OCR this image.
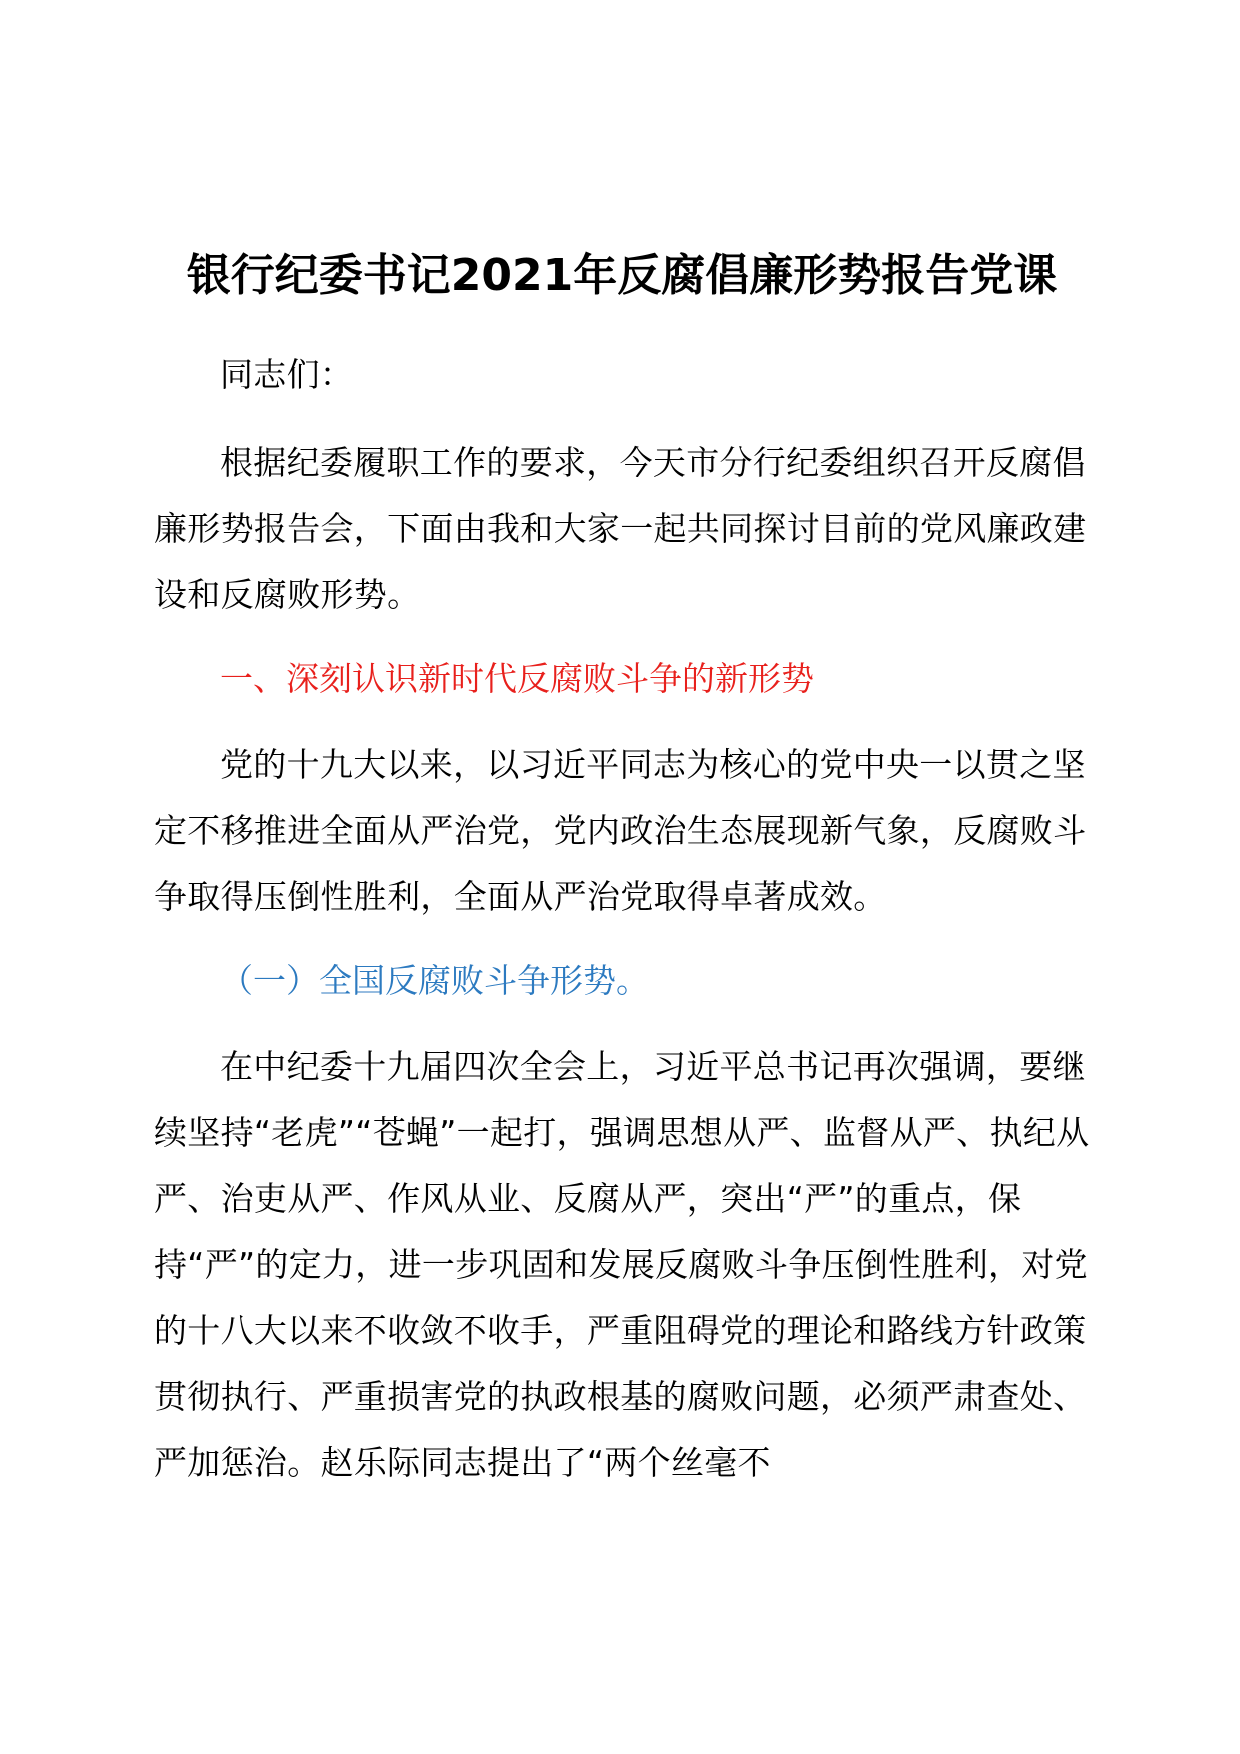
银行纪委书记2021年反腐倡廉形势报告党课

同志们：

根据纪委履职工作的要求，今天市分行纪委组织召开反腐倡廉形势报告会，下面由我和大家一起共同探讨目前的党风廉政建设和反腐败形势。

一、深刻认识新时代反腐败斗争的新形势

党的十九大以来，以习近平同志为核心的党中央一以贯之坚定不移推进全面从严治党，党内政治生态展现新气象，反腐败斗争取得压倒性胜利，全面从严治党取得卓著成效。

（一）全国反腐败斗争形势。

在中纪委十九届四次全会上，习近平总书记再次强调，要继续坚持“老虎”“苍蝇”一起打，强调思想从严、监督从严、执纪从严、治吏从严、作风从业、反腐从严，突出“严”的重点，保持“严”的定力，进一步巩固和发展反腐败斗争压倒性胜利，对党的十八大以来不收敛不收手，严重阻碍党的理论和路线方针政策贯彻执行、严重损害党的执政根基的腐败问题，必须严肃查处、严加惩治。赵乐际同志提出了“两个丝毫不
